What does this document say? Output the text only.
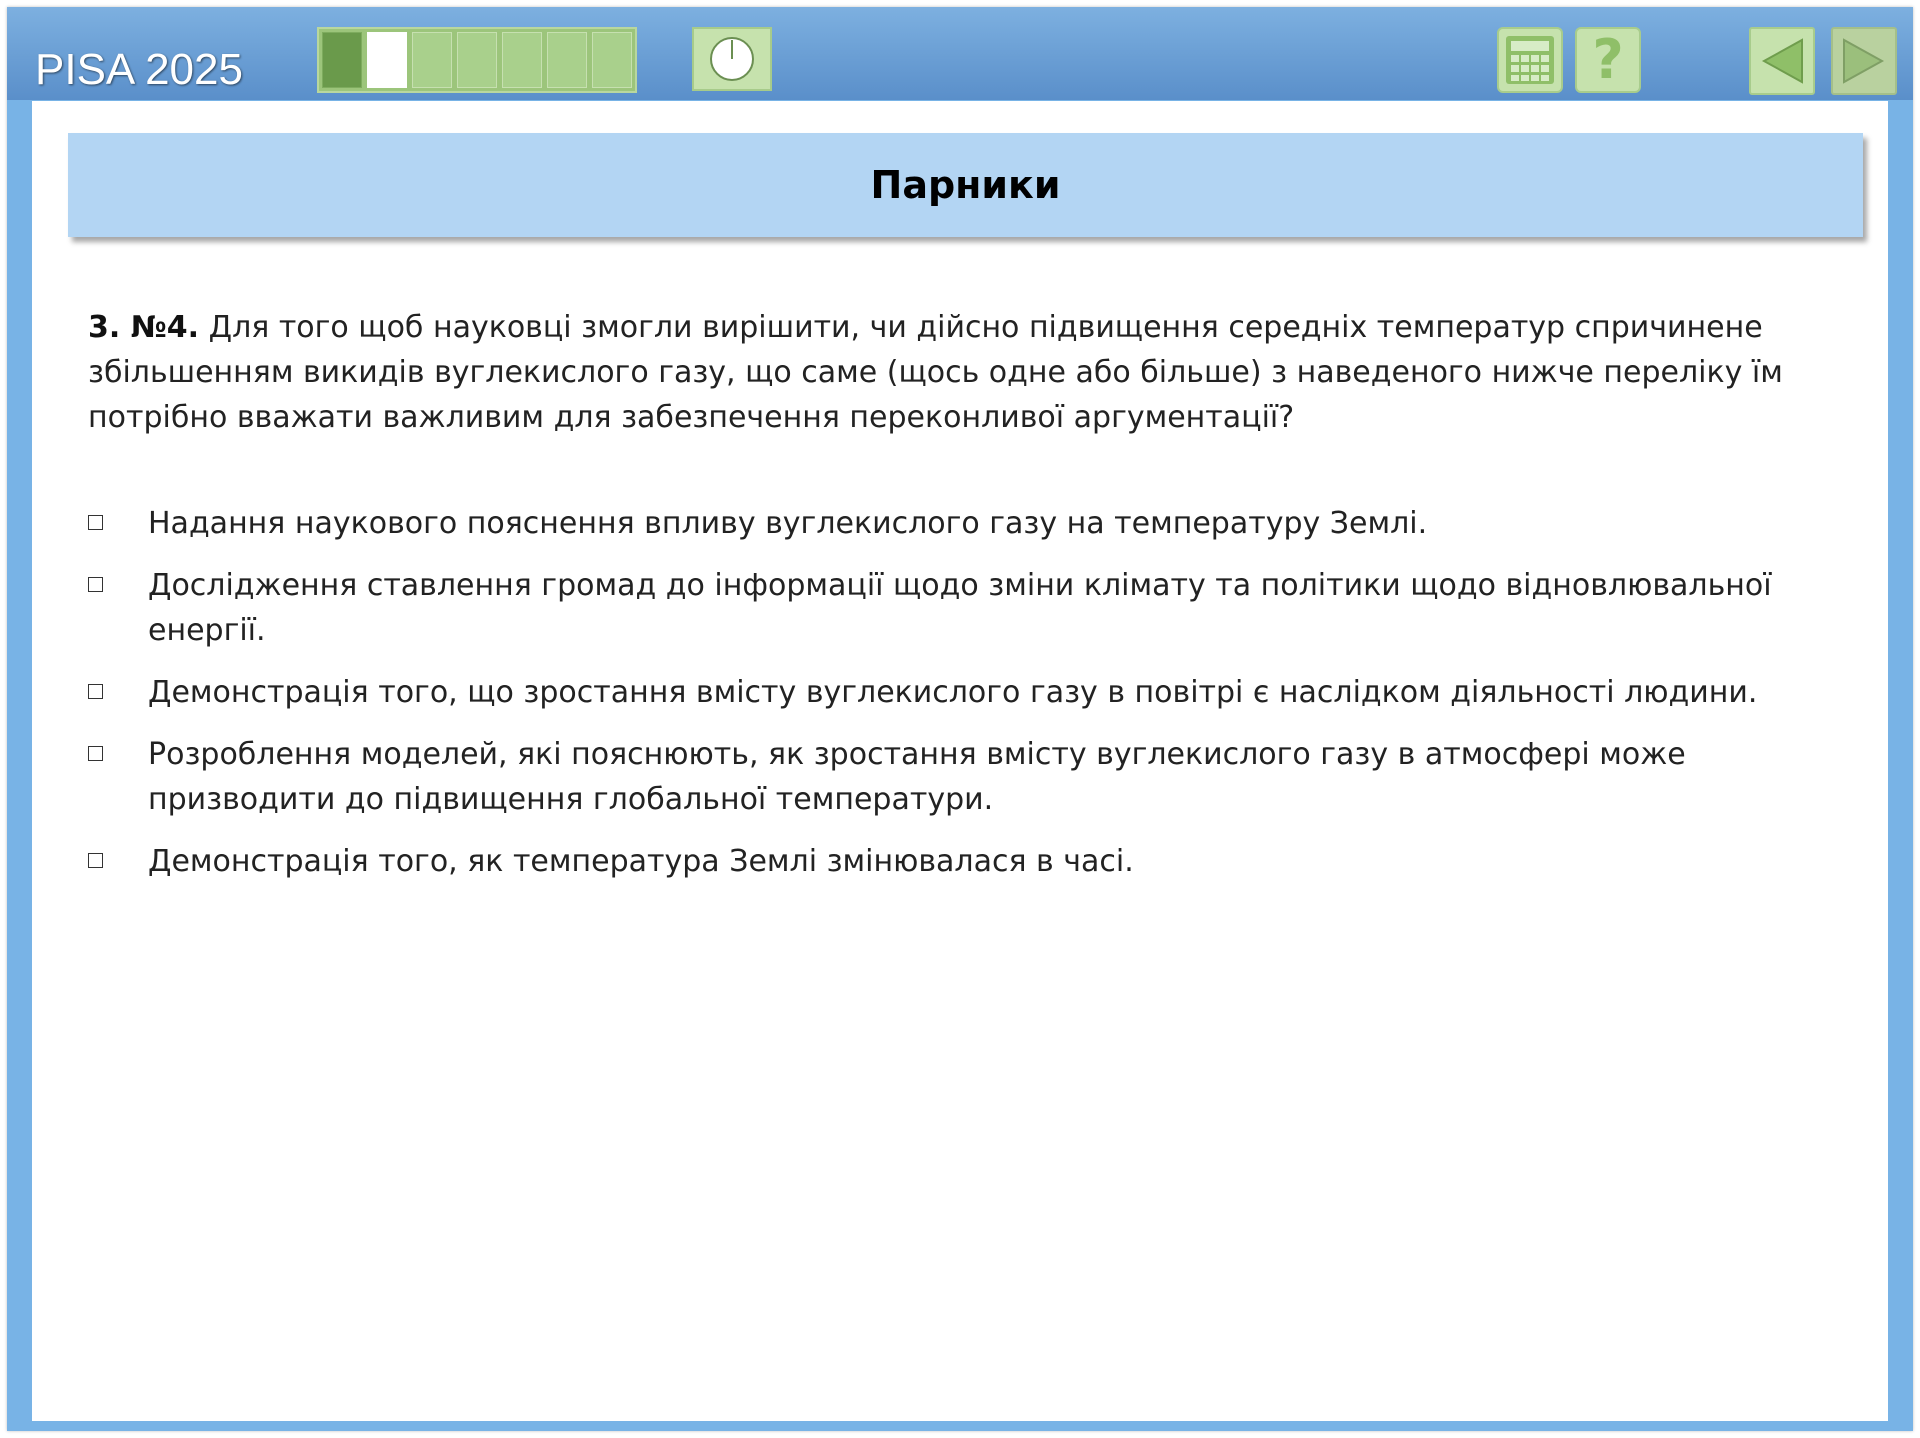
PISA 2025	?
Парники

3. №4. Для того щоб науковці змогли вирішити, чи дійсно підвищення середніх температур спричинене збільшенням викидів вуглекислого газу, що саме (щось одне або більше) з наведеного нижче переліку їм потрібно вважати важливим для забезпечення переконливої аргументації?

Надання наукового пояснення впливу вуглекислого газу на температуру Землі.
Дослідження ставлення громад до інформації щодо зміни клімату та політики щодо відновлювальної енергії.
Демонстрація того, що зростання вмісту вуглекислого газу в повітрі є наслідком діяльності людини.
Розроблення моделей, які пояснюють, як зростання вмісту вуглекислого газу в атмосфері може призводити до підвищення глобальної температури.
Демонстрація того, як температура Землі змінювалася в часі.
